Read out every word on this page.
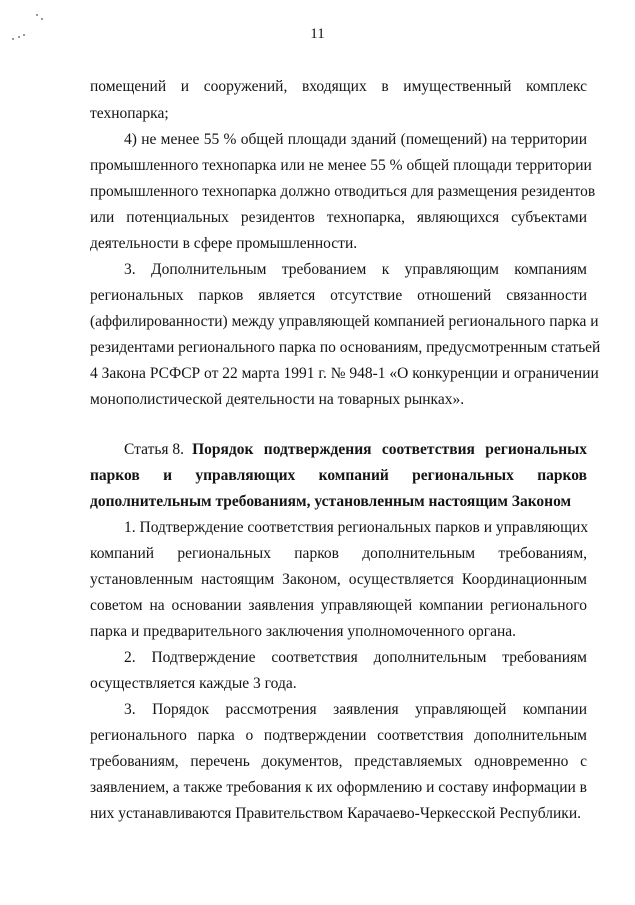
11
помещений и сооружений, входящих в имущественный комплекс
технопарка;
4) не менее 55 % общей площади зданий (помещений) на территории
промышленного технопарка или не менее 55 % общей площади территории
промышленного технопарка должно отводиться для размещения резидентов
или потенциальных резидентов технопарка, являющихся субъектами
деятельности в сфере промышленности.
3. Дополнительным требованием к управляющим компаниям
региональных парков является отсутствие отношений связанности
(аффилированности) между управляющей компанией регионального парка и
резидентами регионального парка по основаниям, предусмотренным статьей
4 Закона РСФСР от 22 марта 1991 г. № 948-1 «О конкуренции и ограничении
монополистической деятельности на товарных рынках».
Статья 8. Порядок подтверждения соответствия региональных
парков и управляющих компаний региональных парков
дополнительным требованиям, установленным настоящим Законом
1. Подтверждение соответствия региональных парков и управляющих
компаний региональных парков дополнительным требованиям,
установленным настоящим Законом, осуществляется Координационным
советом на основании заявления управляющей компании регионального
парка и предварительного заключения уполномоченного органа.
2. Подтверждение соответствия дополнительным требованиям
осуществляется каждые 3 года.
3. Порядок рассмотрения заявления управляющей компании
регионального парка о подтверждении соответствия дополнительным
требованиям, перечень документов, представляемых одновременно с
заявлением, а также требования к их оформлению и составу информации в
них устанавливаются Правительством Карачаево-Черкесской Республики.
